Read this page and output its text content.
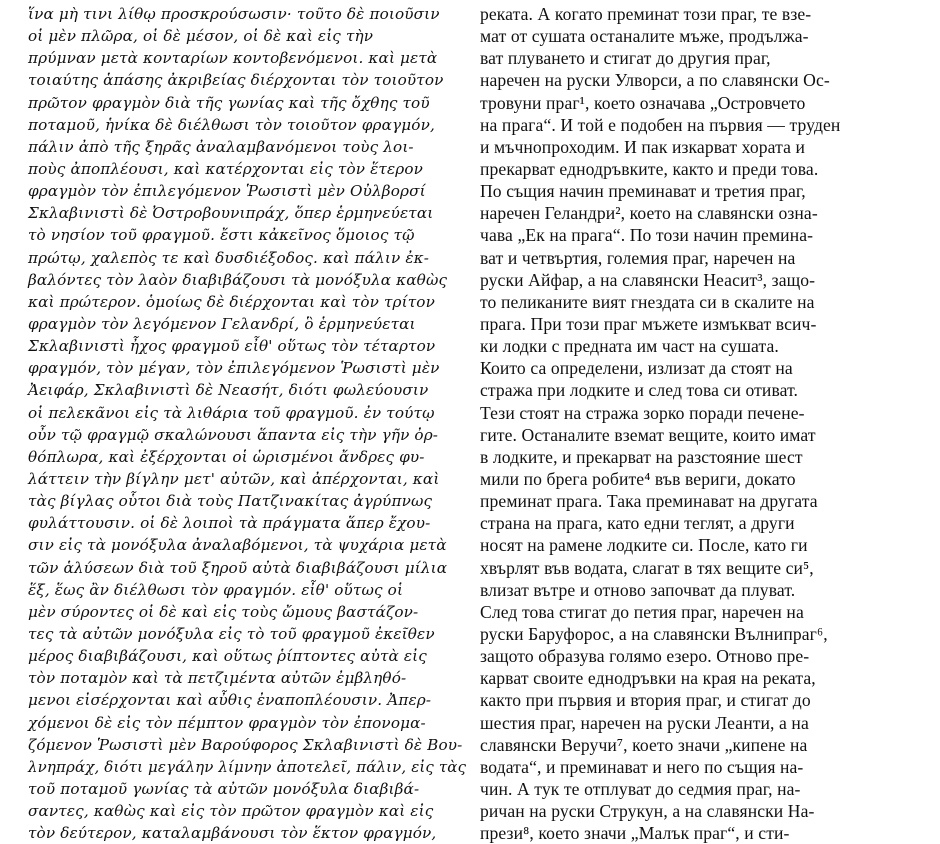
ἵνα μὴ τινι λίθῳ προσκρούσωσιν· τοῦτο δὲ ποιοῦσιν
οἱ μὲν πλῶρα, οἱ δὲ μέσον, οἱ δὲ καὶ εἰς τὴν
πρύμναν μετὰ κονταρίων κοντοβενόμενοι. καὶ μετὰ
τοιαύτης ἁπάσης ἀκριβείας διέρχονται τὸν τοιοῦτον
πρῶτον φραγμὸν διὰ τῆς γωνίας καὶ τῆς ὄχθης τοῦ
ποταμοῦ, ἡνίκα δὲ διέλθωσι τὸν τοιοῦτον φραγμόν,
πάλιν ἀπὸ τῆς ξηρᾶς ἀναλαμβανόμενοι τοὺς λοι-
ποὺς ἀποπλέουσι, καὶ κατέρχονται εἰς τὸν ἕτερον
φραγμὸν τὸν ἐπιλεγόμενον Ῥωσιστὶ μὲν Οὐλβορσί
Σκλαβινιστὶ δὲ Ὀστροβουνιπράχ, ὅπερ ἑρμηνεύεται
τὸ νησίον τοῦ φραγμοῦ. ἔστι κἀκεῖνος ὅμοιος τῷ
πρώτῳ, χαλεπὸς τε καὶ δυσδιέξοδος. καὶ πάλιν ἐκ-
βαλόντες τὸν λαὸν διαβιβάζουσι τὰ μονόξυλα καθὼς
καὶ πρώτερον. ὁμοίως δὲ διέρχονται καὶ τὸν τρίτον
φραγμὸν τὸν λεγόμενον Γελανδρί, ὃ ἑρμηνεύεται
Σκλαβινιστὶ ἦχος φραγμοῦ εἶθ' οὕτως τὸν τέταρτον
φραγμόν, τὸν μέγαν, τὸν ἐπιλεγόμενον Ῥωσιστὶ μὲν
Ἀειφάρ, Σκλαβινιστὶ δὲ Νεασήτ, διότι φωλεύουσιν
οἱ πελεκᾶνοι εἰς τὰ λιθάρια τοῦ φραγμοῦ. ἐν τούτῳ
οὖν τῷ φραγμῷ σκαλώνουσι ἅπαντα εἰς τὴν γῆν ὀρ-
θόπλωρα, καὶ ἐξέρχονται οἱ ὡρισμένοι ἄνδρες φυ-
λάττειν τὴν βίγλην μετ' αὐτῶν, καὶ ἀπέρχονται, καὶ
τὰς βίγλας οὗτοι διὰ τοὺς Πατζινακίτας ἀγρύπνως
φυλάττουσιν. οἱ δὲ λοιποὶ τὰ πράγματα ἅπερ ἔχου-
σιν εἰς τὰ μονόξυλα ἀναλαβόμενοι, τὰ ψυχάρια μετὰ
τῶν ἁλύσεων διὰ τοῦ ξηροῦ αὐτὰ διαβιβάζουσι μίλια
ἕξ, ἕως ἂν διέλθωσι τὸν φραγμόν. εἶθ' οὕτως οἱ
μὲν σύροντες οἱ δὲ καὶ εἰς τοὺς ὤμους βαστάζον-
τες τὰ αὐτῶν μονόξυλα εἰς τὸ τοῦ φραγμοῦ ἐκεῖθεν
μέρος διαβιβάζουσι, καὶ οὕτως ῥίπτοντες αὐτὰ εἰς
τὸν ποταμὸν καὶ τὰ πετζιμέντα αὐτῶν ἐμβληθό-
μενοι εἰσέρχονται καὶ αὖθις ἐναποπλέουσιν. Ἀπερ-
χόμενοι δὲ εἰς τὸν πέμπτον φραγμὸν τὸν ἐπονομα-
ζόμενον Ῥωσιστὶ μὲν Βαρούφορος Σκλαβινιστὶ δὲ Βου-
λνηπράχ, διότι μεγάλην λίμνην ἀποτελεῖ, πάλιν, εἰς τὰς
τοῦ ποταμοῦ γωνίας τὰ αὐτῶν μονόξυλα διαβιβά-
σαντες, καθὼς καὶ εἰς τὸν πρῶτον φραγμὸν καὶ εἰς
τὸν δεύτερον, καταλαμβάνουσι τὸν ἕκτον φραγμόν,
реката. А когато преминат този праг, те взе-
мат от сушата останалите мъже, продължа-
ват плуването и стигат до другия праг,
наречен на руски Улворси, а по славянски Ос-
тровуни праг¹, което означава „Островчето
на прага“. И той е подобен на първия — труден
и мъчнопроходим. И пак изкарват хората и
прекарват еднодръвките, както и преди това.
По същия начин преминават и третия праг,
наречен Геландри², което на славянски озна-
чава „Ек на прага“. По този начин премина-
ват и четвъртия, големия праг, наречен на
руски Айфар, а на славянски Неасит³, защо-
то пеликаните вият гнездата си в скалите на
прага. При този праг мъжете измъкват всич-
ки лодки с предната им част на сушата.
Които са определени, излизат да стоят на
стража при лодките и след това си отиват.
Тези стоят на стража зорко поради печене-
гите. Останалите вземат вещите, които имат
в лодките, и прекарват на разстояние шест
мили по брега робите⁴ във вериги, докато
преминат прага. Така преминават на другата
страна на прага, като едни теглят, а други
носят на рамене лодките си. После, като ги
хвърлят във водата, слагат в тях вещите си⁵,
влизат вътре и отново започват да плуват.
След това стигат до петия праг, наречен на
руски Баруфорос, а на славянски Вълнипраг⁶,
защото образува голямо езеро. Отново пре-
карват своите еднодръвки на края на реката,
както при първия и втория праг, и стигат до
шестия праг, наречен на руски Леанти, а на
славянски Веручи⁷, което значи „кипене на
водата“, и преминават и него по същия на-
чин. А тук те отплуват до седмия праг, на-
ричан на руски Струкун, а на славянски На-
прези⁸, което значи „Малък праг“, и сти-
